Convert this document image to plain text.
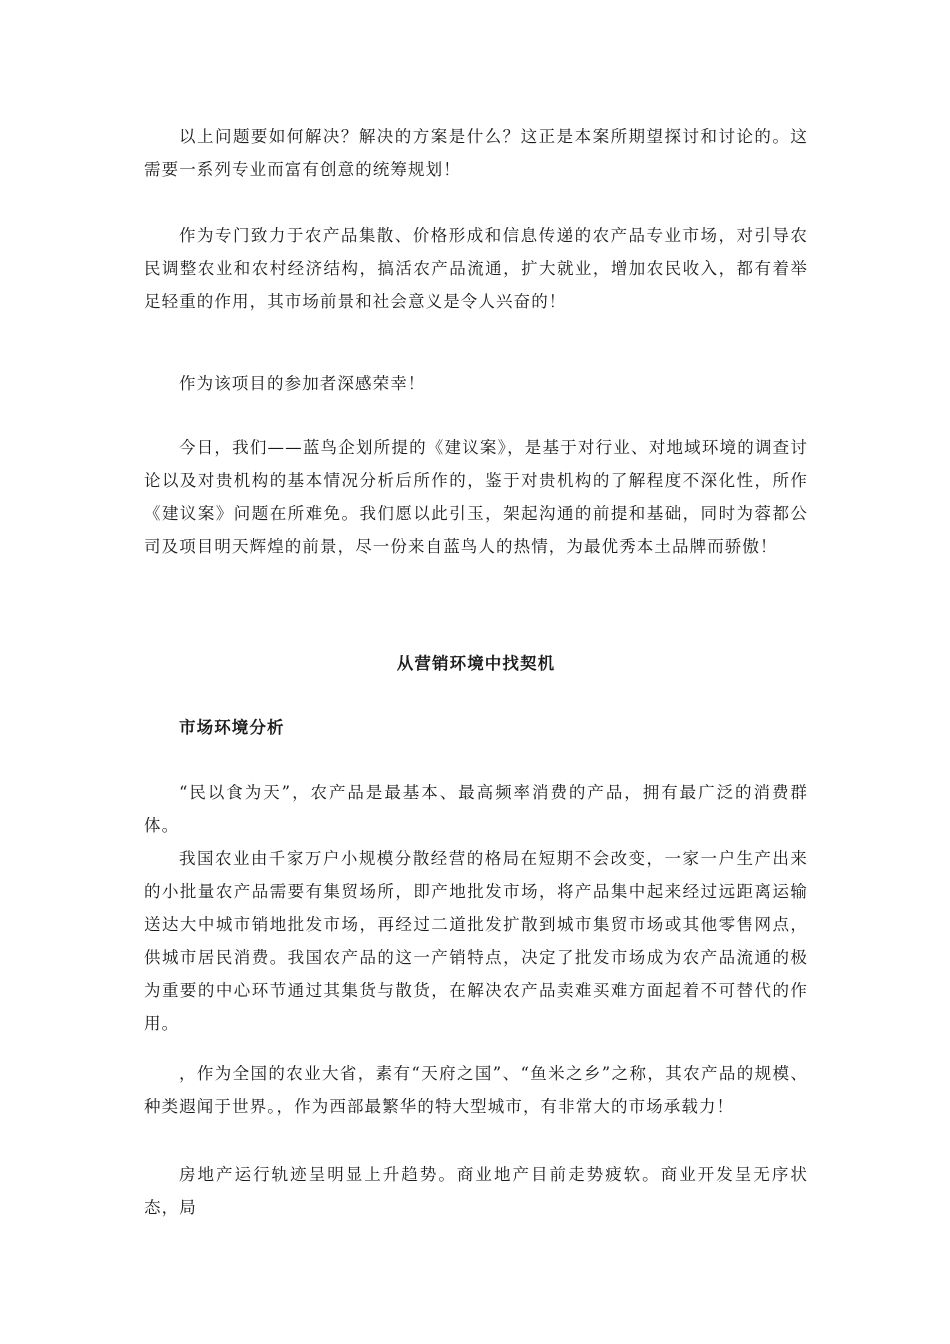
以上问题要如何解决？解决的方案是什么？这正是本案所期望探讨和讨论的。这需要一系列专业而富有创意的统筹规划！

作为专门致力于农产品集散、价格形成和信息传递的农产品专业市场，对引导农民调整农业和农村经济结构，搞活农产品流通，扩大就业，增加农民收入，都有着举足轻重的作用，其市场前景和社会意义是令人兴奋的！

作为该项目的参加者深感荣幸！

今日，我们——蓝鸟企划所提的《建议案》，是基于对行业、对地域环境的调查讨论以及对贵机构的基本情况分析后所作的，鉴于对贵机构的了解程度不深化性，所作《建议案》问题在所难免。我们愿以此引玉，架起沟通的前提和基础，同时为蓉都公司及项目明天辉煌的前景，尽一份来自蓝鸟人的热情，为最优秀本土品牌而骄傲！

从营销环境中找契机
市场环境分析

“民以食为天”，农产品是最基本、最高频率消费的产品，拥有最广泛的消费群体。

我国农业由千家万户小规模分散经营的格局在短期不会改变，一家一户生产出来的小批量农产品需要有集贸场所，即产地批发市场，将产品集中起来经过远距离运输送达大中城市销地批发市场，再经过二道批发扩散到城市集贸市场或其他零售网点，供城市居民消费。我国农产品的这一产销特点，决定了批发市场成为农产品流通的极为重要的中心环节通过其集货与散货，在解决农产品卖难买难方面起着不可替代的作用。

，作为全国的农业大省，素有“天府之国”、“鱼米之乡”之称，其农产品的规模、种类遐闻于世界。，作为西部最繁华的特大型城市，有非常大的市场承载力！

房地产运行轨迹呈明显上升趋势。商业地产目前走势疲软。商业开发呈无序状态，局
